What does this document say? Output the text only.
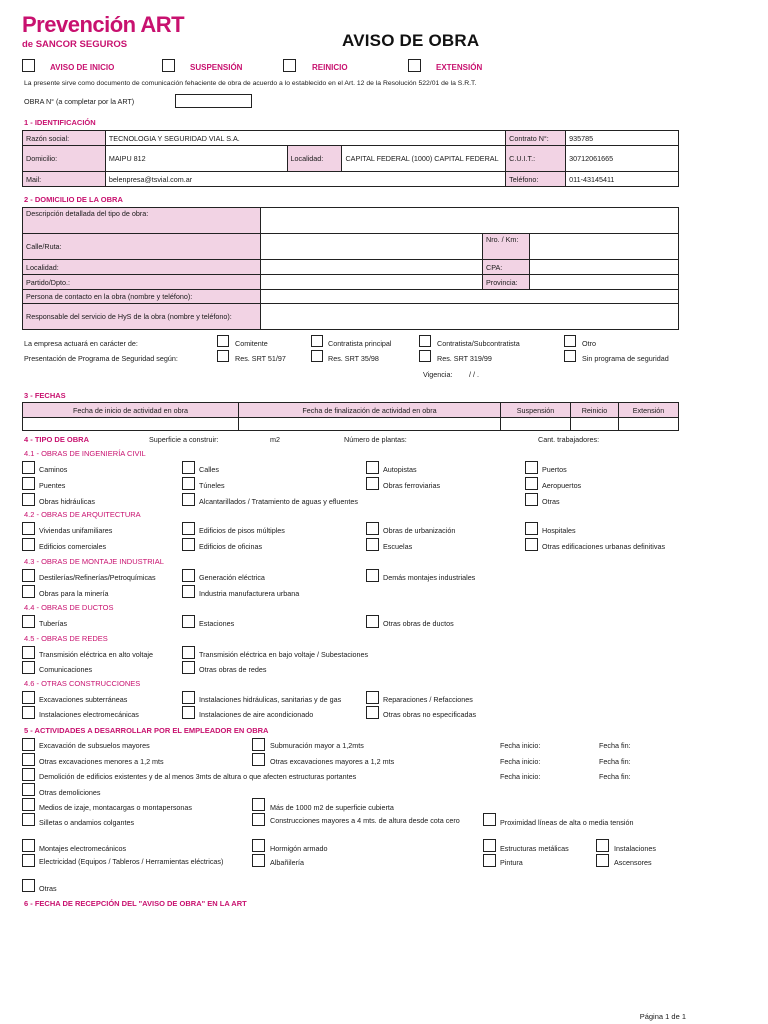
Prevención ART
de SANCOR SEGUROS	AVISO DE OBRA
AVISO DE INICIO	SUSPENSIÓN	REINICIO	EXTENSIÓN
La presente sirve como documento de comunicación fehaciente de obra de acuerdo a lo establecido en el Art. 12 de la Resolución 522/01 de la S.R.T.
OBRA N° (a completar por la ART)
1 - IDENTIFICACIÓN
Razón social:	TECNOLOGIA Y SEGURIDAD VIAL S.A.			Contrato N°:	935785
Domicilio:	MAIPU 812	Localidad:	CAPITAL FEDERAL (1000) CAPITAL FEDERAL	C.U.I.T.:	30712061665
Mail:	belenpresa@tsvial.com.ar			Teléfono:	011-43145411
2 - DOMICILIO DE LA OBRA
Descripción detallada del tipo de obra:			
Calle/Ruta:		Nro. / Km:	
Localidad:		CPA:	
Partido/Dpto.:		Provincia:	
Persona de contacto en la obra (nombre y teléfono):			
Responsable del servicio de HyS de la obra (nombre y teléfono):			
La empresa actuará en carácter de:	Comitente	Contratista principal	Contratista/Subcontratista	Otro
Presentación de Programa de Seguridad según:	Res. SRT 51/97	Res. SRT 35/98	Res. SRT 319/99	Sin programa de seguridad
Vigencia: / / .
3 - FECHAS
Fecha de inicio de actividad en obra	Fecha de finalización de actividad en obra	Suspensión	Reinicio	Extensión

4 - TIPO DE OBRA	Superficie a construir:	m2	Número de plantas:	Cant. trabajadores:
4.1 - OBRAS DE INGENIERÍA CIVIL
Caminos	Calles	Autopistas	Puertos
Puentes	Túneles	Obras ferroviarias	Aeropuertos
Obras hidráulicas	Alcantarillados / Tratamiento de aguas y efluentes	Otras
4.2 - OBRAS DE ARQUITECTURA
Viviendas unifamiliares	Edificios de pisos múltiples	Obras de urbanización	Hospitales
Edificios comerciales	Edificios de oficinas	Escuelas	Otras edificaciones urbanas definitivas
4.3 - OBRAS DE MONTAJE INDUSTRIAL
Destilerías/Refinerías/Petroquímicas	Generación eléctrica	Demás montajes industriales
Obras para la minería	Industria manufacturera urbana
4.4 - OBRAS DE DUCTOS
Tuberías	Estaciones	Otras obras de ductos
4.5 - OBRAS DE REDES
Transmisión eléctrica en alto voltaje	Transmisión eléctrica en bajo voltaje / Subestaciones
Comunicaciones	Otras obras de redes
4.6 - OTRAS CONSTRUCCIONES
Excavaciones subterráneas	Instalaciones hidráulicas, sanitarias y de gas	Reparaciones / Refacciones
Instalaciones electromecánicas	Instalaciones de aire acondicionado	Otras obras no especificadas
5 - ACTIVIDADES A DESARROLLAR POR EL EMPLEADOR EN OBRA
Excavación de subsuelos mayores	Submuración mayor a 1,2mts	Fecha inicio:	Fecha fin:
Otras excavaciones menores a 1,2 mts	Otras excavaciones mayores a 1,2 mts	Fecha inicio:	Fecha fin:
Demolición de edificios existentes y de al menos 3mts de altura o que afecten estructuras portantes	Fecha inicio:	Fecha fin:
Otras demoliciones
Medios de izaje, montacargas o montapersonas	Más de 1000 m2 de superficie cubierta
Silletas o andamios colgantes	Construcciones mayores a 4 mts. de altura desde cota cero	Proximidad líneas de alta o media tensión
Montajes electromecánicos	Hormigón armado	Estructuras metálicas	Instalaciones
Electricidad (Equipos / Tableros / Herramientas eléctricas)	Albañilería	Pintura	Ascensores
Otras
6 - FECHA DE RECEPCIÓN DEL "AVISO DE OBRA" EN LA ART
Página 1 de 1
